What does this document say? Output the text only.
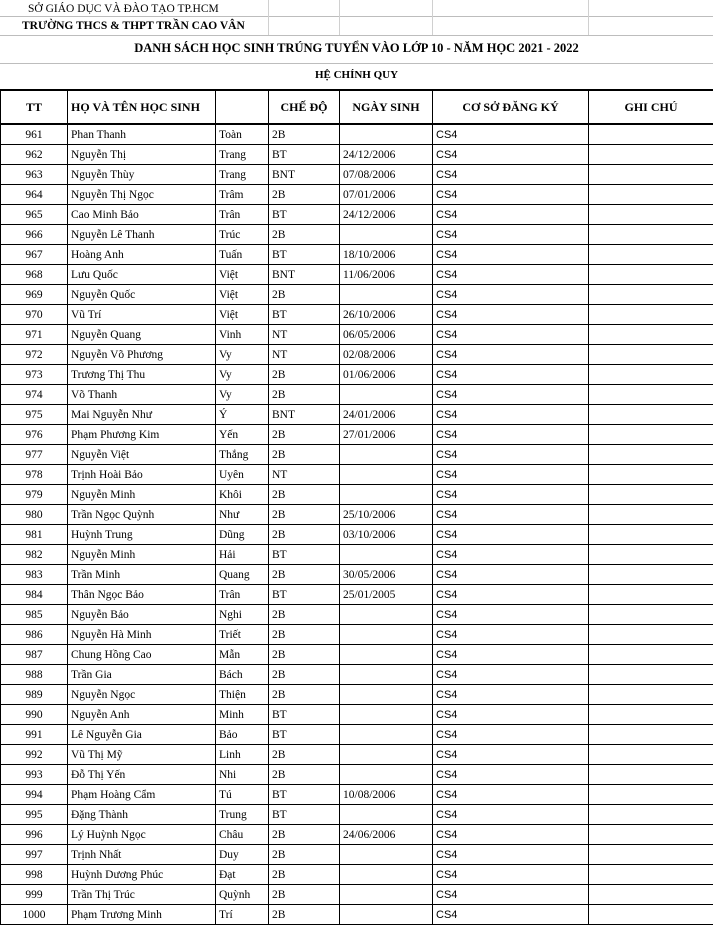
SỞ GIÁO DỤC VÀ ĐÀO TẠO TP.HCM
TRƯỜNG THCS & THPT TRẦN CAO VÂN
DANH SÁCH HỌC SINH TRÚNG TUYỂN VÀO LỚP 10 - NĂM HỌC 2021 - 2022
HỆ CHÍNH QUY
TT	HỌ VÀ TÊN HỌC SINH		CHẾ ĐỘ	NGÀY SINH	CƠ SỞ ĐĂNG KÝ	GHI CHÚ
961	Phan Thanh	Toàn	2B		CS4	
962	Nguyễn Thị	Trang	BT	24/12/2006	CS4	
963	Nguyễn Thùy	Trang	BNT	07/08/2006	CS4	
964	Nguyễn Thị Ngọc	Trâm	2B	07/01/2006	CS4	
965	Cao Minh Bảo	Trân	BT	24/12/2006	CS4	
966	Nguyễn Lê Thanh	Trúc	2B		CS4	
967	Hoàng Anh	Tuấn	BT	18/10/2006	CS4	
968	Lưu Quốc	Việt	BNT	11/06/2006	CS4	
969	Nguyễn Quốc	Việt	2B		CS4	
970	Vũ Trí	Việt	BT	26/10/2006	CS4	
971	Nguyễn Quang	Vinh	NT	06/05/2006	CS4	
972	Nguyễn Võ Phương	Vy	NT	02/08/2006	CS4	
973	Trương Thị Thu	Vy	2B	01/06/2006	CS4	
974	Võ Thanh	Vy	2B		CS4	
975	Mai Nguyễn Như	Ý	BNT	24/01/2006	CS4	
976	Phạm Phương Kim	Yến	2B	27/01/2006	CS4	
977	Nguyễn Việt	Thắng	2B		CS4	
978	Trịnh Hoài Bảo	Uyên	NT		CS4	
979	Nguyễn Minh	Khôi	2B		CS4	
980	Trần Ngọc Quỳnh	Như	2B	25/10/2006	CS4	
981	Huỳnh Trung	Dũng	2B	03/10/2006	CS4	
982	Nguyễn Minh	Hải	BT		CS4	
983	Trần Minh	Quang	2B	30/05/2006	CS4	
984	Thân Ngọc Bảo	Trân	BT	25/01/2005	CS4	
985	Nguyễn Bảo	Nghi	2B		CS4	
986	Nguyễn Hà Minh	Triết	2B		CS4	
987	Chung Hồng Cao	Mẫn	2B		CS4	
988	Trần Gia	Bách	2B		CS4	
989	Nguyễn Ngọc	Thiện	2B		CS4	
990	Nguyễn Anh	Minh	BT		CS4	
991	Lê Nguyễn Gia	Bảo	BT		CS4	
992	Vũ Thị Mỹ	Linh	2B		CS4	
993	Đỗ Thị Yến	Nhi	2B		CS4	
994	Phạm Hoàng Cẩm	Tú	BT	10/08/2006	CS4	
995	Đặng Thành	Trung	BT		CS4	
996	Lý Huỳnh Ngọc	Châu	2B	24/06/2006	CS4	
997	Trịnh Nhất	Duy	2B		CS4	
998	Huỳnh Dương Phúc	Đạt	2B		CS4	
999	Trần Thị Trúc	Quỳnh	2B		CS4	
1000	Phạm Trương Minh	Trí	2B		CS4	
